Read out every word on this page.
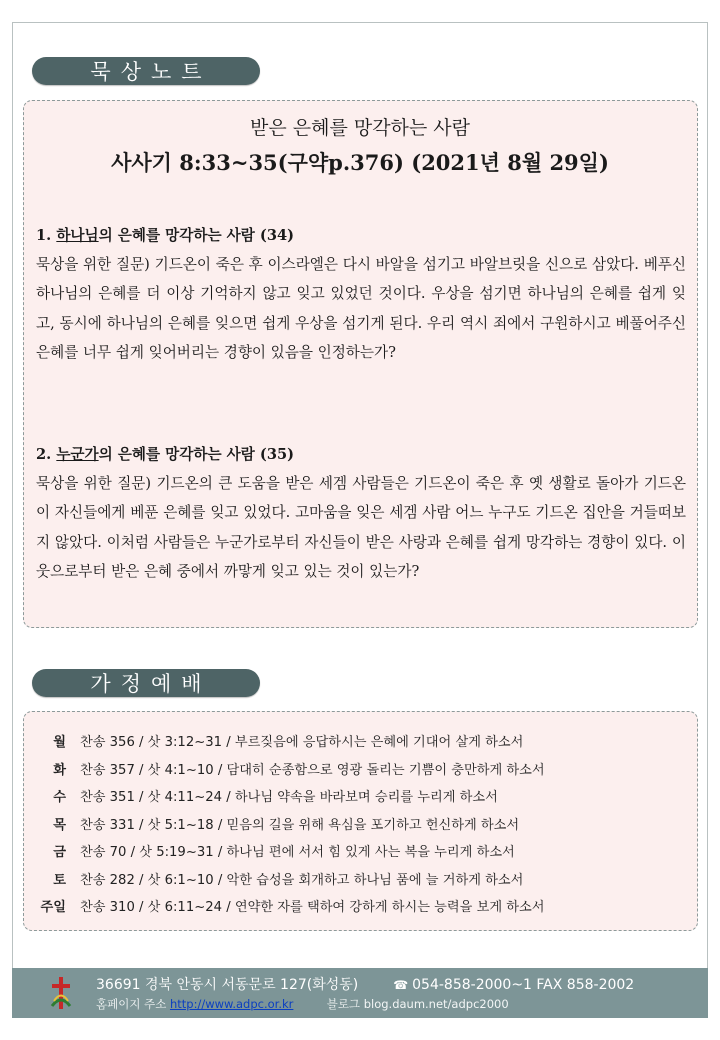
묵상노트
받은 은혜를 망각하는 사람
사사기 8:33~35(구약p.376) (2021년 8월 29일)
1. 하나님의 은혜를 망각하는 사람 (34)
묵상을 위한 질문) 기드온이 죽은 후 이스라엘은 다시 바알을 섬기고 바알브릿을 신으로 삼았다. 베푸신 하나님의 은혜를 더 이상 기억하지 않고 잊고 있었던 것이다. 우상을 섬기면 하나님의 은혜를 쉽게 잊고, 동시에 하나님의 은혜를 잊으면 쉽게 우상을 섬기게 된다. 우리 역시 죄에서 구원하시고 베풀어주신 은혜를 너무 쉽게 잊어버리는 경향이 있음을 인정하는가?
2. 누군가의 은혜를 망각하는 사람 (35)
묵상을 위한 질문) 기드온의 큰 도움을 받은 세겜 사람들은 기드온이 죽은 후 옛 생활로 돌아가 기드온이 자신들에게 베푼 은혜를 잊고 있었다. 고마움을 잊은 세겜 사람 어느 누구도 기드온 집안을 거들떠보지 않았다. 이처럼 사람들은 누군가로부터 자신들이 받은 사랑과 은혜를 쉽게 망각하는 경향이 있다. 이웃으로부터 받은 은혜 중에서 까맣게 잊고 있는 것이 있는가?
가정예배
월 찬송 356 / 삿 3:12~31 / 부르짖음에 응답하시는 은혜에 기대어 살게 하소서
화 찬송 357 / 삿 4:1~10 / 담대히 순종함으로 영광 돌리는 기쁨이 충만하게 하소서
수 찬송 351 / 삿 4:11~24 / 하나님 약속을 바라보며 승리를 누리게 하소서
목 찬송 331 / 삿 5:1~18 / 믿음의 길을 위해 욕심을 포기하고 헌신하게 하소서
금 찬송 70 / 삿 5:19~31 / 하나님 편에 서서 힘 있게 사는 복을 누리게 하소서
토 찬송 282 / 삿 6:1~10 / 악한 습성을 회개하고 하나님 품에 늘 거하게 하소서
주일 찬송 310 / 삿 6:11~24 / 연약한 자를 택하여 강하게 하시는 능력을 보게 하소서
36691 경북 안동시 서동문로 127(화성동)	☎ 054-858-2000~1 FAX 858-2002
홈페이지 주소 http://www.adpc.or.kr	블로그 blog.daum.net/adpc2000
